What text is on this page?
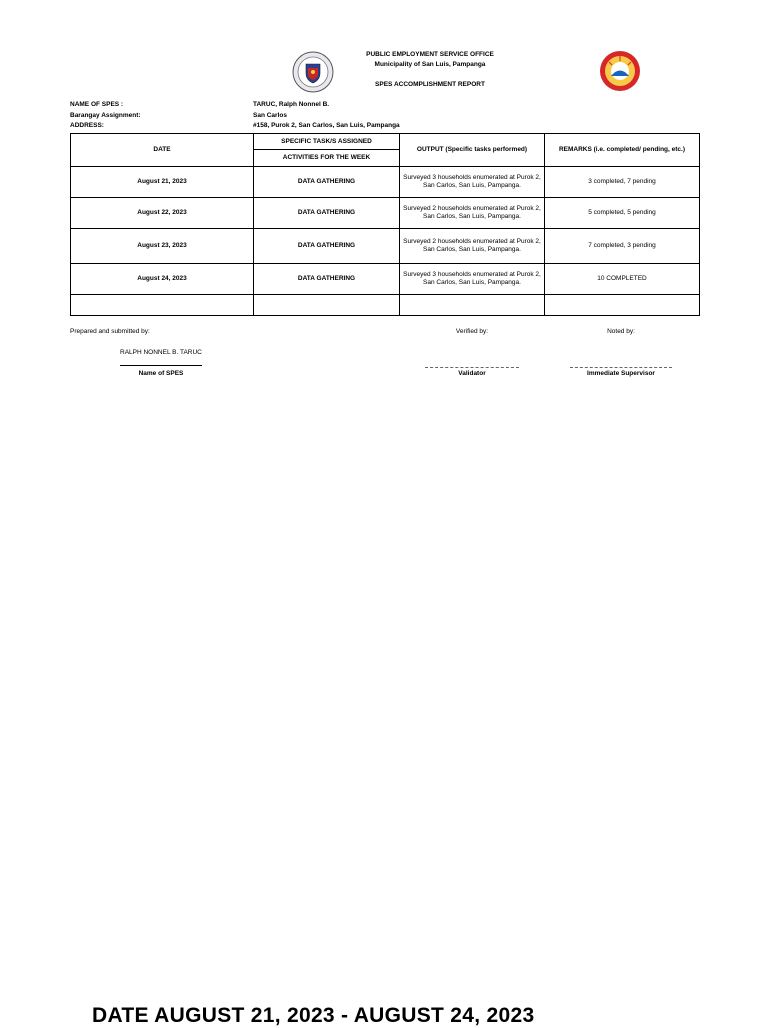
PUBLIC EMPLOYMENT SERVICE OFFICE
Municipality of San Luis, Pampanga
SPES ACCOMPLISHMENT REPORT
NAME OF SPES :	TARUC, Ralph Nonnel B.
Barangay Assignment:	San Carlos
ADDRESS:	#158, Purok 2, San Carlos, San Luis, Pampanga
DATE	SPECIFIC TASK/S ASSIGNED	OUTPUT (Specific tasks performed)	REMARKS (i.e. completed/ pending, etc.)
	ACTIVITIES FOR THE WEEK		
August 21, 2023	DATA GATHERING	Surveyed 3 households enumerated at Purok 2, San Carlos, San Luis, Pampanga.	3 completed, 7 pending
August 22, 2023	DATA GATHERING	Surveyed 2 households enumerated at Purok 2, San Carlos, San Luis, Pampanga.	5 completed, 5 pending
August 23, 2023	DATA GATHERING	Surveyed 2 households enumerated at Purok 2, San Carlos, San Luis, Pampanga.	7 completed, 3 pending
August 24, 2023	DATA GATHERING	Surveyed 3 households enumerated at Purok 2, San Carlos, San Luis, Pampanga.	10 COMPLETED

Prepared and submitted by:	Verified by:	Noted by:
RALPH NONNEL B. TARUC
Name of SPES	Validator	Immediate Supervisor
DATE AUGUST 21, 2023 - AUGUST 24, 2023
